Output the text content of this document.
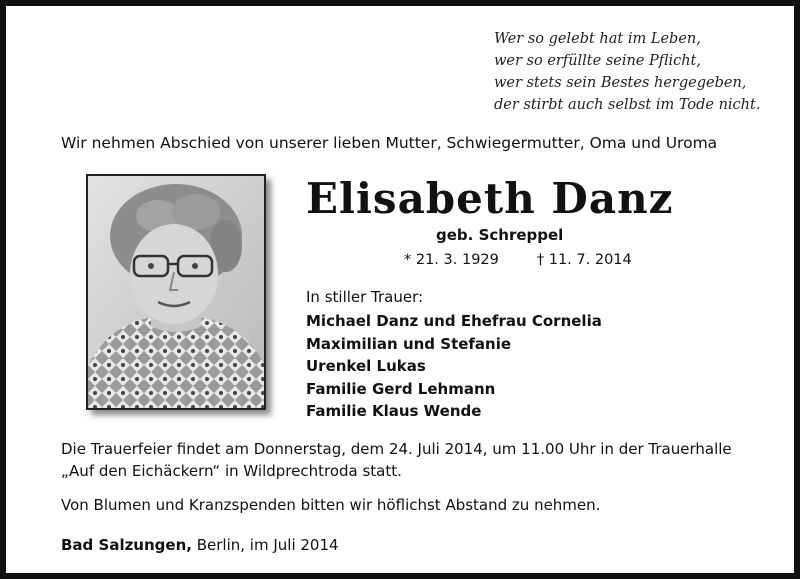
Wer so gelebt hat im Leben,
wer so erfüllte seine Pflicht,
wer stets sein Bestes hergegeben,
der stirbt auch selbst im Tode nicht.
Wir nehmen Abschied von unserer lieben Mutter, Schwiegermutter, Oma und Uroma
Elisabeth Danz
geb. Schreppel
* 21. 3. 1929	† 11. 7. 2014
In stiller Trauer:
Michael Danz und Ehefrau Cornelia
Maximilian und Stefanie
Urenkel Lukas
Familie Gerd Lehmann
Familie Klaus Wende
Die Trauerfeier findet am Donnerstag, dem 24. Juli 2014, um 11.00 Uhr in der Trauerhalle
„Auf den Eichäckern“ in Wildprechtroda statt.
Von Blumen und Kranzspenden bitten wir höflichst Abstand zu nehmen.
Bad Salzungen, Berlin, im Juli 2014
